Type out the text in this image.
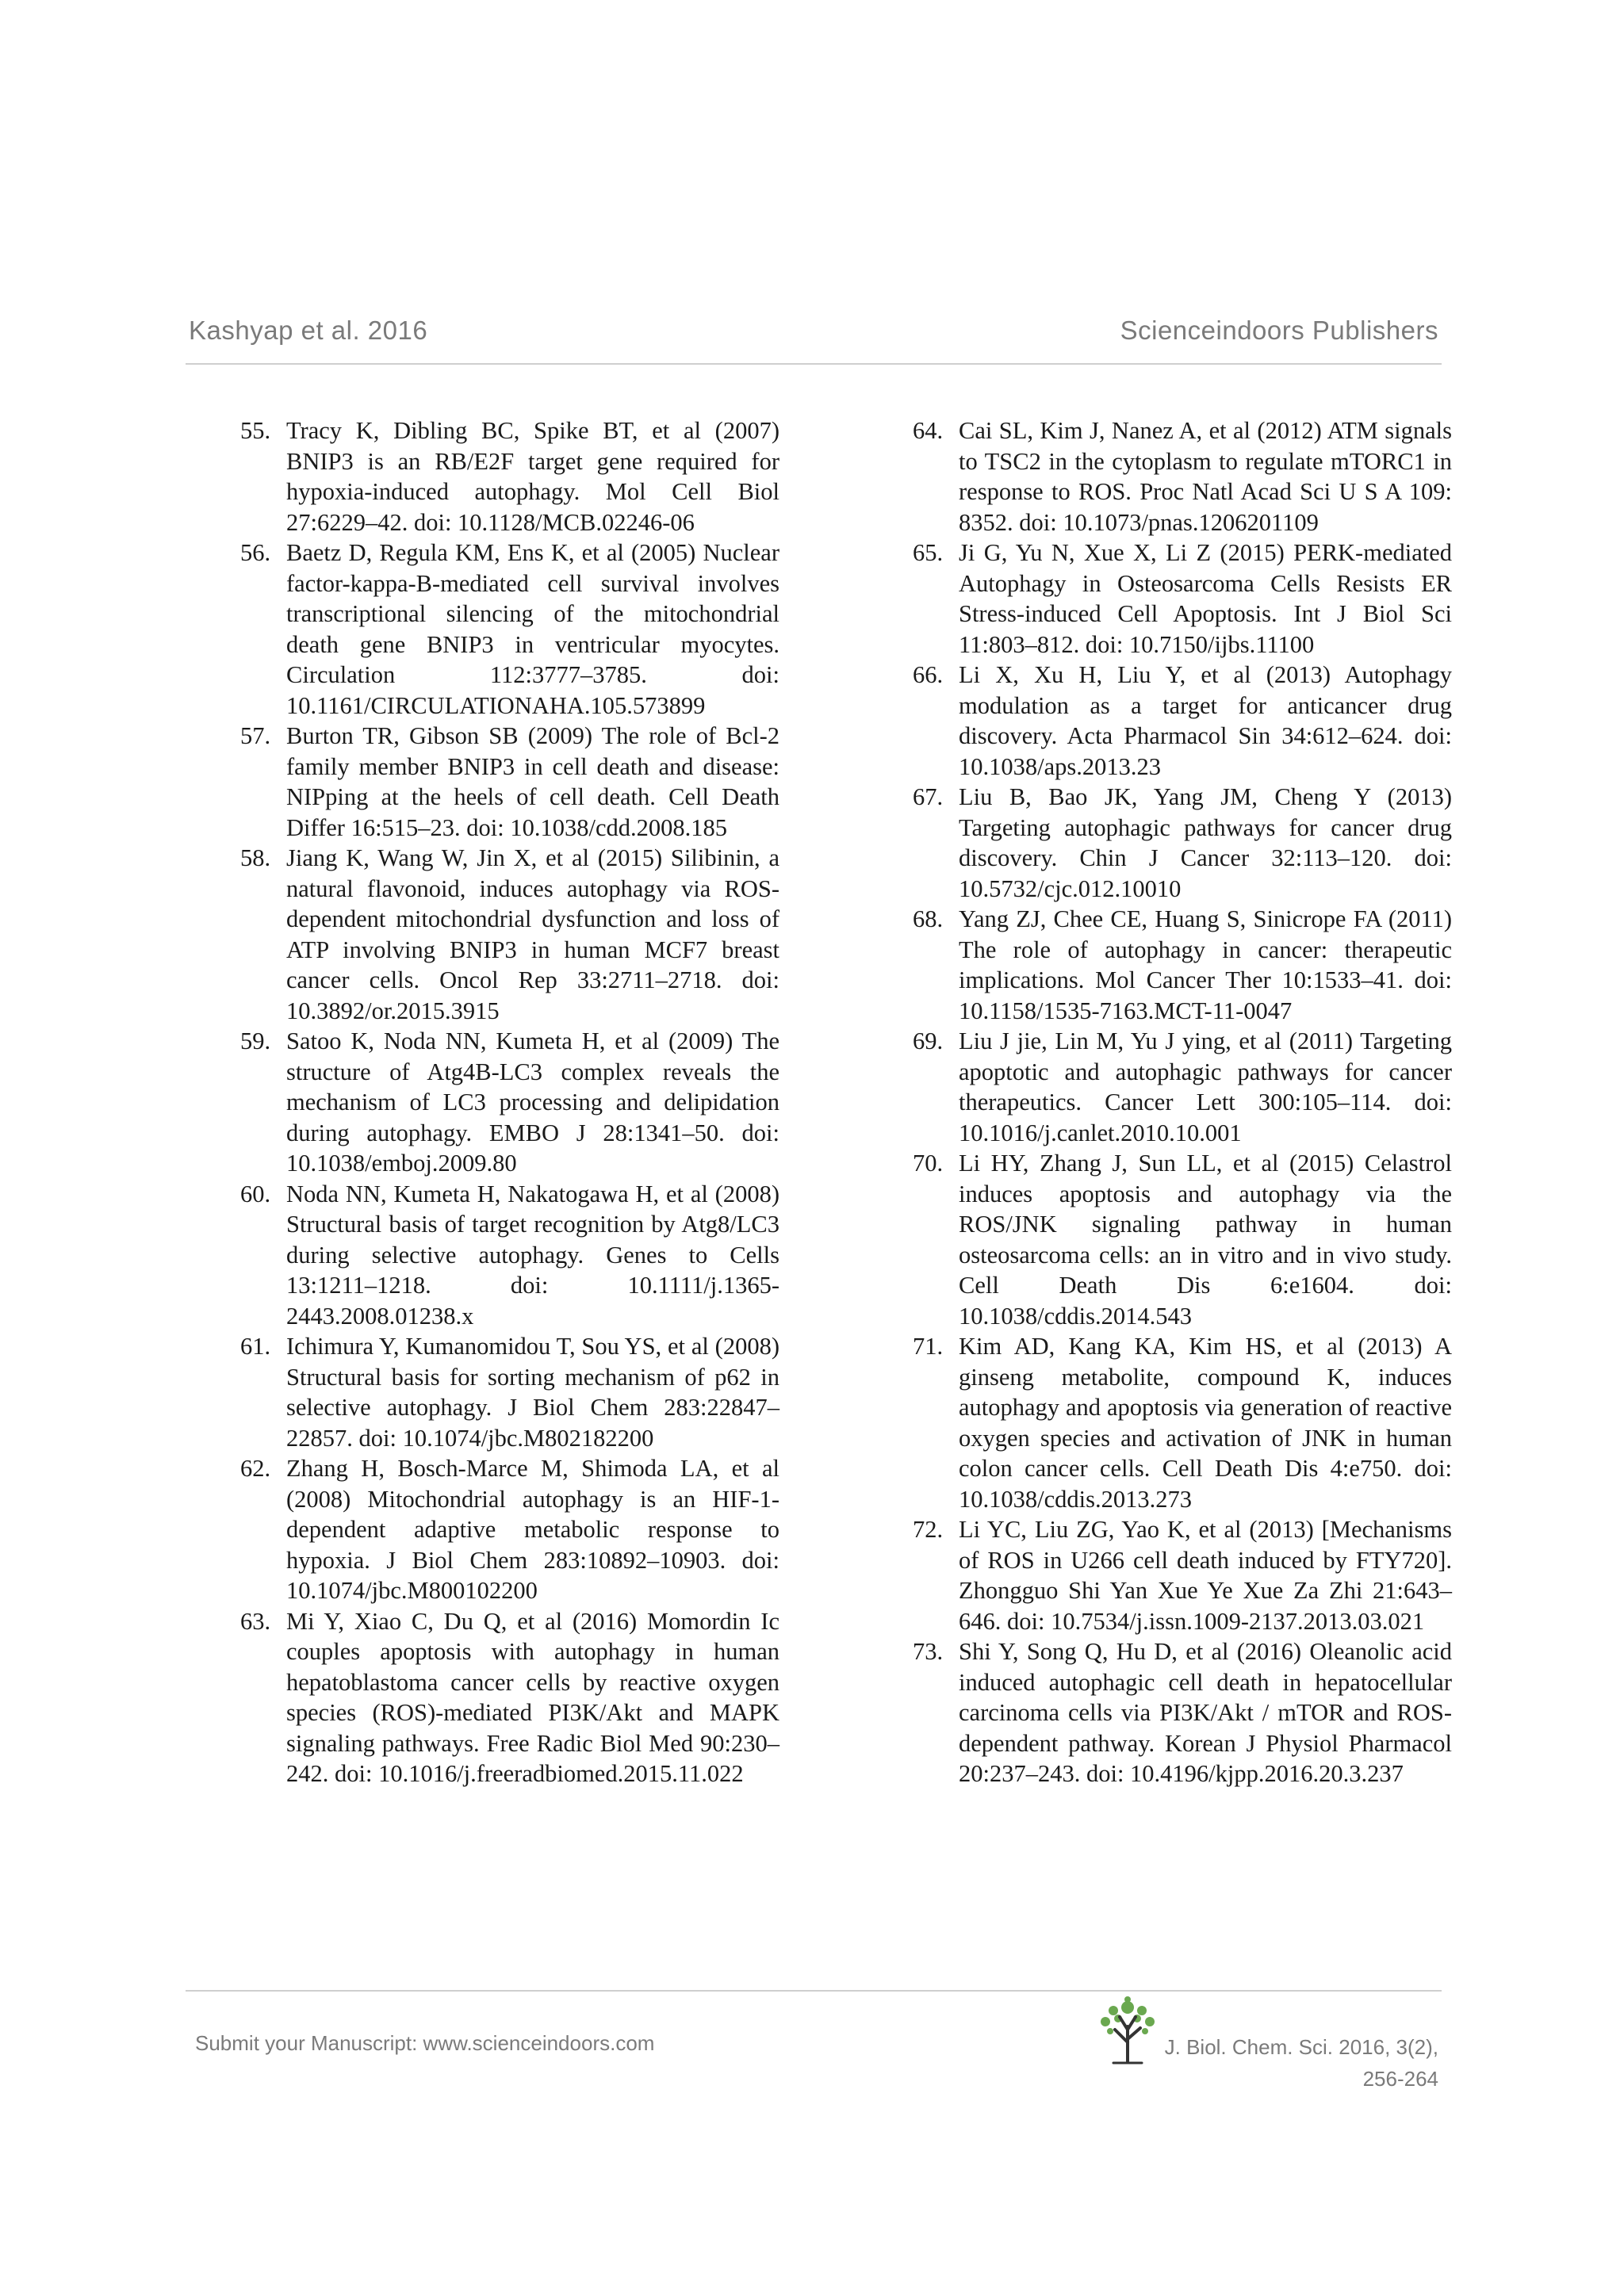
Kashyap et al. 2016	Scienceindoors Publishers
55. Tracy K, Dibling BC, Spike BT, et al (2007) BNIP3 is an RB/E2F target gene required for hypoxia-induced autophagy. Mol Cell Biol 27:6229–42. doi: 10.1128/MCB.02246-06
56. Baetz D, Regula KM, Ens K, et al (2005) Nuclear factor-kappa-B-mediated cell survival involves transcriptional silencing of the mitochondrial death gene BNIP3 in ventricular myocytes. Circulation 112:3777–3785. doi: 10.1161/CIRCULATIONAHA.105.573899
57. Burton TR, Gibson SB (2009) The role of Bcl-2 family member BNIP3 in cell death and disease: NIPping at the heels of cell death. Cell Death Differ 16:515–23. doi: 10.1038/cdd.2008.185
58. Jiang K, Wang W, Jin X, et al (2015) Silibinin, a natural flavonoid, induces autophagy via ROS-dependent mitochondrial dysfunction and loss of ATP involving BNIP3 in human MCF7 breast cancer cells. Oncol Rep 33:2711–2718. doi: 10.3892/or.2015.3915
59. Satoo K, Noda NN, Kumeta H, et al (2009) The structure of Atg4B-LC3 complex reveals the mechanism of LC3 processing and delipidation during autophagy. EMBO J 28:1341–50. doi: 10.1038/emboj.2009.80
60. Noda NN, Kumeta H, Nakatogawa H, et al (2008) Structural basis of target recognition by Atg8/LC3 during selective autophagy. Genes to Cells 13:1211–1218. doi: 10.1111/j.1365-2443.2008.01238.x
61. Ichimura Y, Kumanomidou T, Sou YS, et al (2008) Structural basis for sorting mechanism of p62 in selective autophagy. J Biol Chem 283:22847–22857. doi: 10.1074/jbc.M802182200
62. Zhang H, Bosch-Marce M, Shimoda LA, et al (2008) Mitochondrial autophagy is an HIF-1-dependent adaptive metabolic response to hypoxia. J Biol Chem 283:10892–10903. doi: 10.1074/jbc.M800102200
63. Mi Y, Xiao C, Du Q, et al (2016) Momordin Ic couples apoptosis with autophagy in human hepatoblastoma cancer cells by reactive oxygen species (ROS)-mediated PI3K/Akt and MAPK signaling pathways. Free Radic Biol Med 90:230–242. doi: 10.1016/j.freeradbiomed.2015.11.022
64. Cai SL, Kim J, Nanez A, et al (2012) ATM signals to TSC2 in the cytoplasm to regulate mTORC1 in response to ROS. Proc Natl Acad Sci U S A 109: 8352. doi: 10.1073/pnas.1206201109
65. Ji G, Yu N, Xue X, Li Z (2015) PERK-mediated Autophagy in Osteosarcoma Cells Resists ER Stress-induced Cell Apoptosis. Int J Biol Sci 11:803–812. doi: 10.7150/ijbs.11100
66. Li X, Xu H, Liu Y, et al (2013) Autophagy modulation as a target for anticancer drug discovery. Acta Pharmacol Sin 34:612–624. doi: 10.1038/aps.2013.23
67. Liu B, Bao JK, Yang JM, Cheng Y (2013) Targeting autophagic pathways for cancer drug discovery. Chin J Cancer 32:113–120. doi: 10.5732/cjc.012.10010
68. Yang ZJ, Chee CE, Huang S, Sinicrope FA (2011) The role of autophagy in cancer: therapeutic implications. Mol Cancer Ther 10:1533–41. doi: 10.1158/1535-7163.MCT-11-0047
69. Liu J jie, Lin M, Yu J ying, et al (2011) Targeting apoptotic and autophagic pathways for cancer therapeutics. Cancer Lett 300:105–114. doi: 10.1016/j.canlet.2010.10.001
70. Li HY, Zhang J, Sun LL, et al (2015) Celastrol induces apoptosis and autophagy via the ROS/JNK signaling pathway in human osteosarcoma cells: an in vitro and in vivo study. Cell Death Dis 6:e1604. doi: 10.1038/cddis.2014.543
71. Kim AD, Kang KA, Kim HS, et al (2013) A ginseng metabolite, compound K, induces autophagy and apoptosis via generation of reactive oxygen species and activation of JNK in human colon cancer cells. Cell Death Dis 4:e750. doi: 10.1038/cddis.2013.273
72. Li YC, Liu ZG, Yao K, et al (2013) [Mechanisms of ROS in U266 cell death induced by FTY720]. Zhongguo Shi Yan Xue Ye Xue Za Zhi 21:643–646. doi: 10.7534/j.issn.1009-2137.2013.03.021
73. Shi Y, Song Q, Hu D, et al (2016) Oleanolic acid induced autophagic cell death in hepatocellular carcinoma cells via PI3K/Akt / mTOR and ROS-dependent pathway. Korean J Physiol Pharmacol 20:237–243. doi: 10.4196/kjpp.2016.20.3.237
Submit your Manuscript: www.scienceindoors.com	J. Biol. Chem. Sci. 2016, 3(2),
256-264
